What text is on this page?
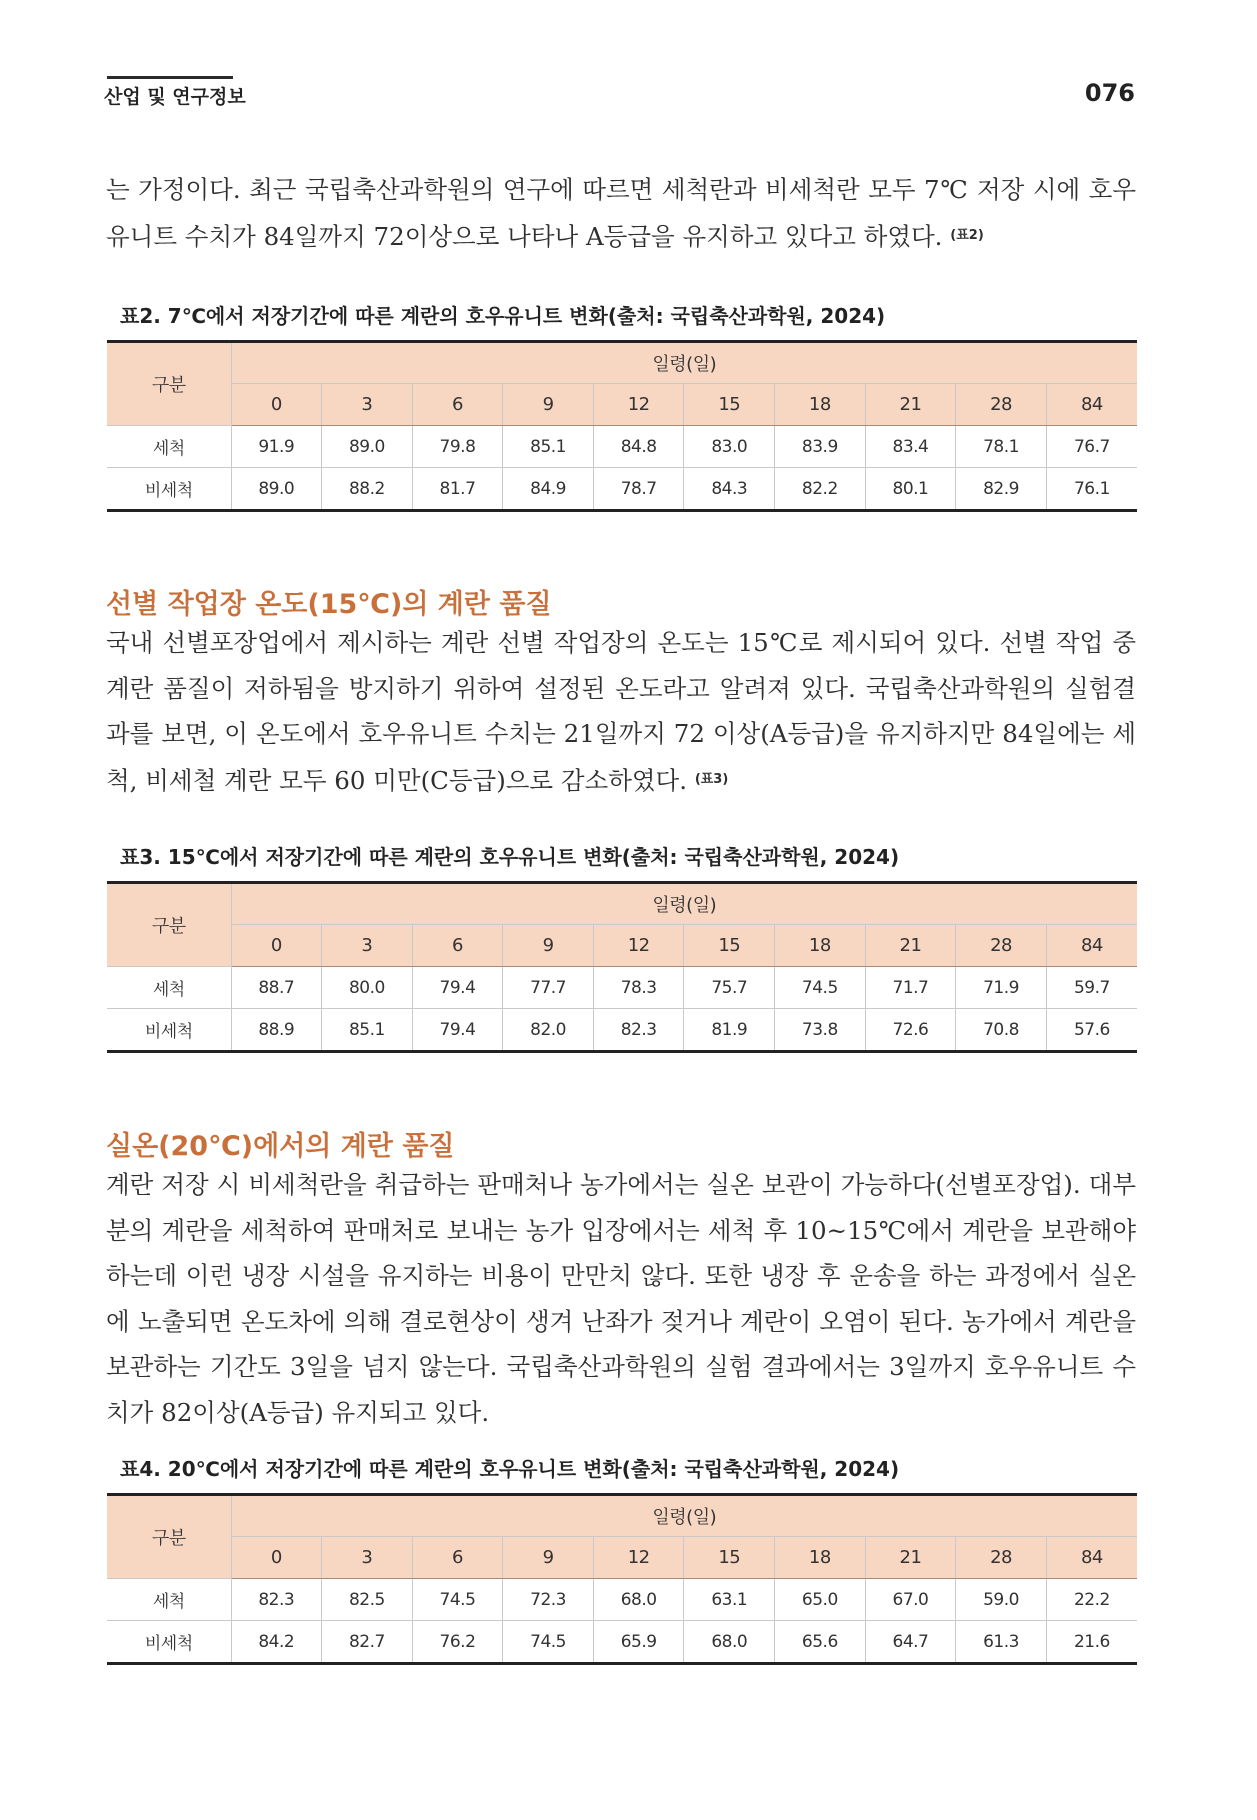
산업 및 연구정보	076

는 가정이다. 최근 국립축산과학원의 연구에 따르면 세척란과 비세척란 모두 7℃ 저장 시에 호우유니트 수치가 84일까지 72이상으로 나타나 A등급을 유지하고 있다고 하였다. $^{(표2)}$

표2. 7℃에서 저장기간에 따른 계란의 호우유니트 변화(출처: 국립축산과학원, 2024)

구분	일령(일)									
	0	3	6	9	12	15	18	21	28	84
세척	91.9	89.0	79.8	85.1	84.8	83.0	83.9	83.4	78.1	76.7
비세척	89.0	88.2	81.7	84.9	78.7	84.3	82.2	80.1	82.9	76.1
선별 작업장 온도(15℃)의 계란 품질

국내 선별포장업에서 제시하는 계란 선별 작업장의 온도는 15℃로 제시되어 있다. 선별 작업 중 계란 품질이 저하됨을 방지하기 위하여 설정된 온도라고 알려져 있다. 국립축산과학원의 실험결과를 보면, 이 온도에서 호우유니트 수치는 21일까지 72 이상(A등급)을 유지하지만 84일에는 세척, 비세철 계란 모두 60 미만(C등급)으로 감소하였다. $^{(표3)}$

표3. 15℃에서 저장기간에 따른 계란의 호우유니트 변화(출처: 국립축산과학원, 2024)

구분	일령(일)									
	0	3	6	9	12	15	18	21	28	84
세척	88.7	80.0	79.4	77.7	78.3	75.7	74.5	71.7	71.9	59.7
비세척	88.9	85.1	79.4	82.0	82.3	81.9	73.8	72.6	70.8	57.6
실온(20℃)에서의 계란 품질

계란 저장 시 비세척란을 취급하는 판매처나 농가에서는 실온 보관이 가능하다(선별포장업). 대부분의 계란을 세척하여 판매처로 보내는 농가 입장에서는 세척 후 10~15℃에서 계란을 보관해야 하는데 이런 냉장 시설을 유지하는 비용이 만만치 않다. 또한 냉장 후 운송을 하는 과정에서 실온에 노출되면 온도차에 의해 결로현상이 생겨 난좌가 젖거나 계란이 오염이 된다. 농가에서 계란을 보관하는 기간도 3일을 넘지 않는다. 국립축산과학원의 실험 결과에서는 3일까지 호우유니트 수치가 82이상(A등급) 유지되고 있다.

표4. 20℃에서 저장기간에 따른 계란의 호우유니트 변화(출처: 국립축산과학원, 2024)

구분	일령(일)									
	0	3	6	9	12	15	18	21	28	84
세척	82.3	82.5	74.5	72.3	68.0	63.1	65.0	67.0	59.0	22.2
비세척	84.2	82.7	76.2	74.5	65.9	68.0	65.6	64.7	61.3	21.6
